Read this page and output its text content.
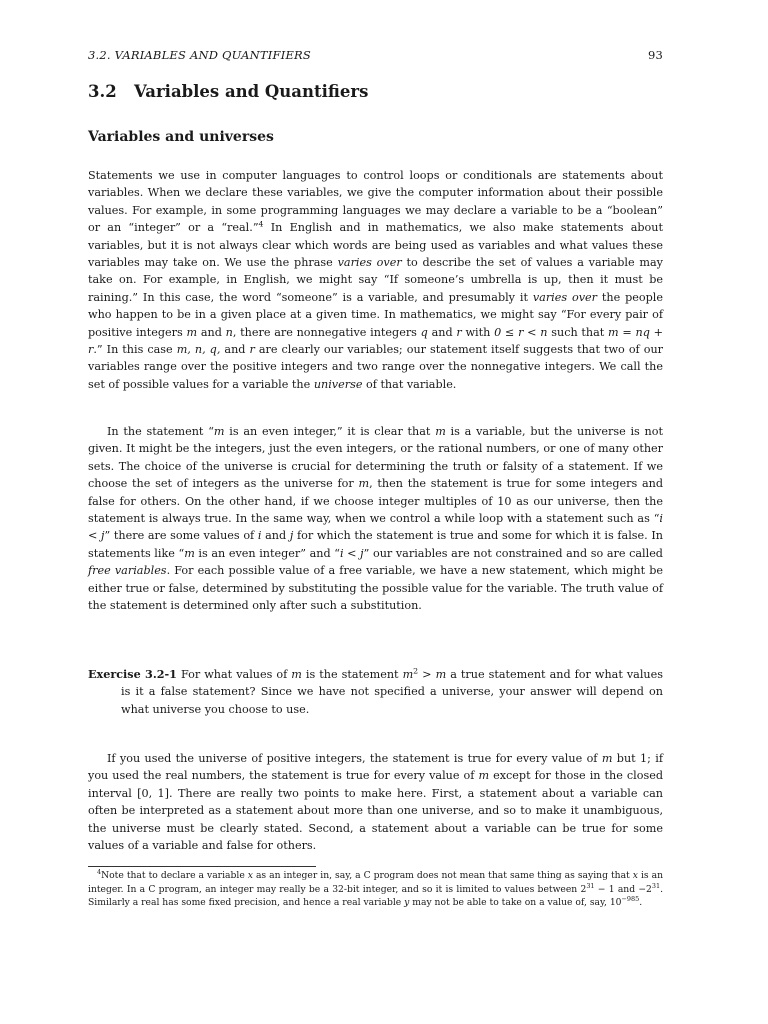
3.2. VARIABLES AND QUANTIFIERS	93
3.2 Variables and Quantifiers
Variables and universes

Statements we use in computer languages to control loops or conditionals are statements about variables. When we declare these variables, we give the computer information about their possible values. For example, in some programming languages we may declare a variable to be a “boolean” or an “integer” or a “real.”$^4$ In English and in mathematics, we also make statements about variables, but it is not always clear which words are being used as variables and what values these variables may take on. We use the phrase varies over to describe the set of values a variable may take on. For example, in English, we might say “If someone’s umbrella is up, then it must be raining.” In this case, the word “someone” is a variable, and presumably it varies over the people who happen to be in a given place at a given time. In mathematics, we might say “For every pair of positive integers m and n, there are nonnegative integers q and r with 0 ≤ r < n such that m = nq + r.” In this case m, n, q, and r are clearly our variables; our statement itself suggests that two of our variables range over the positive integers and two range over the nonnegative integers. We call the set of possible values for a variable the universe of that variable.

In the statement “m is an even integer,” it is clear that m is a variable, but the universe is not given. It might be the integers, just the even integers, or the rational numbers, or one of many other sets. The choice of the universe is crucial for determining the truth or falsity of a statement. If we choose the set of integers as the universe for m, then the statement is true for some integers and false for others. On the other hand, if we choose integer multiples of 10 as our universe, then the statement is always true. In the same way, when we control a while loop with a statement such as “i < j” there are some values of i and j for which the statement is true and some for which it is false. In statements like “m is an even integer” and “i < j” our variables are not constrained and so are called free variables. For each possible value of a free variable, we have a new statement, which might be either true or false, determined by substituting the possible value for the variable. The truth value of the statement is determined only after such a substitution.

Exercise 3.2-1 For what values of m is the statement $m^2 > m$ a true statement and for what values is it a false statement? Since we have not specified a universe, your answer will depend on what universe you choose to use.

If you used the universe of positive integers, the statement is true for every value of m but 1; if you used the real numbers, the statement is true for every value of m except for those in the closed interval [0, 1]. There are really two points to make here. First, a statement about a variable can often be interpreted as a statement about more than one universe, and so to make it unambiguous, the universe must be clearly stated. Second, a statement about a variable can be true for some values of a variable and false for others.

$^4$Note that to declare a variable x as an integer in, say, a C program does not mean that same thing as saying that x is an integer. In a C program, an integer may really be a 32-bit integer, and so it is limited to values between $2^{31} - 1$ and $-2^{31}$. Similarly a real has some fixed precision, and hence a real variable y may not be able to take on a value of, say, $10^{-985}$.
